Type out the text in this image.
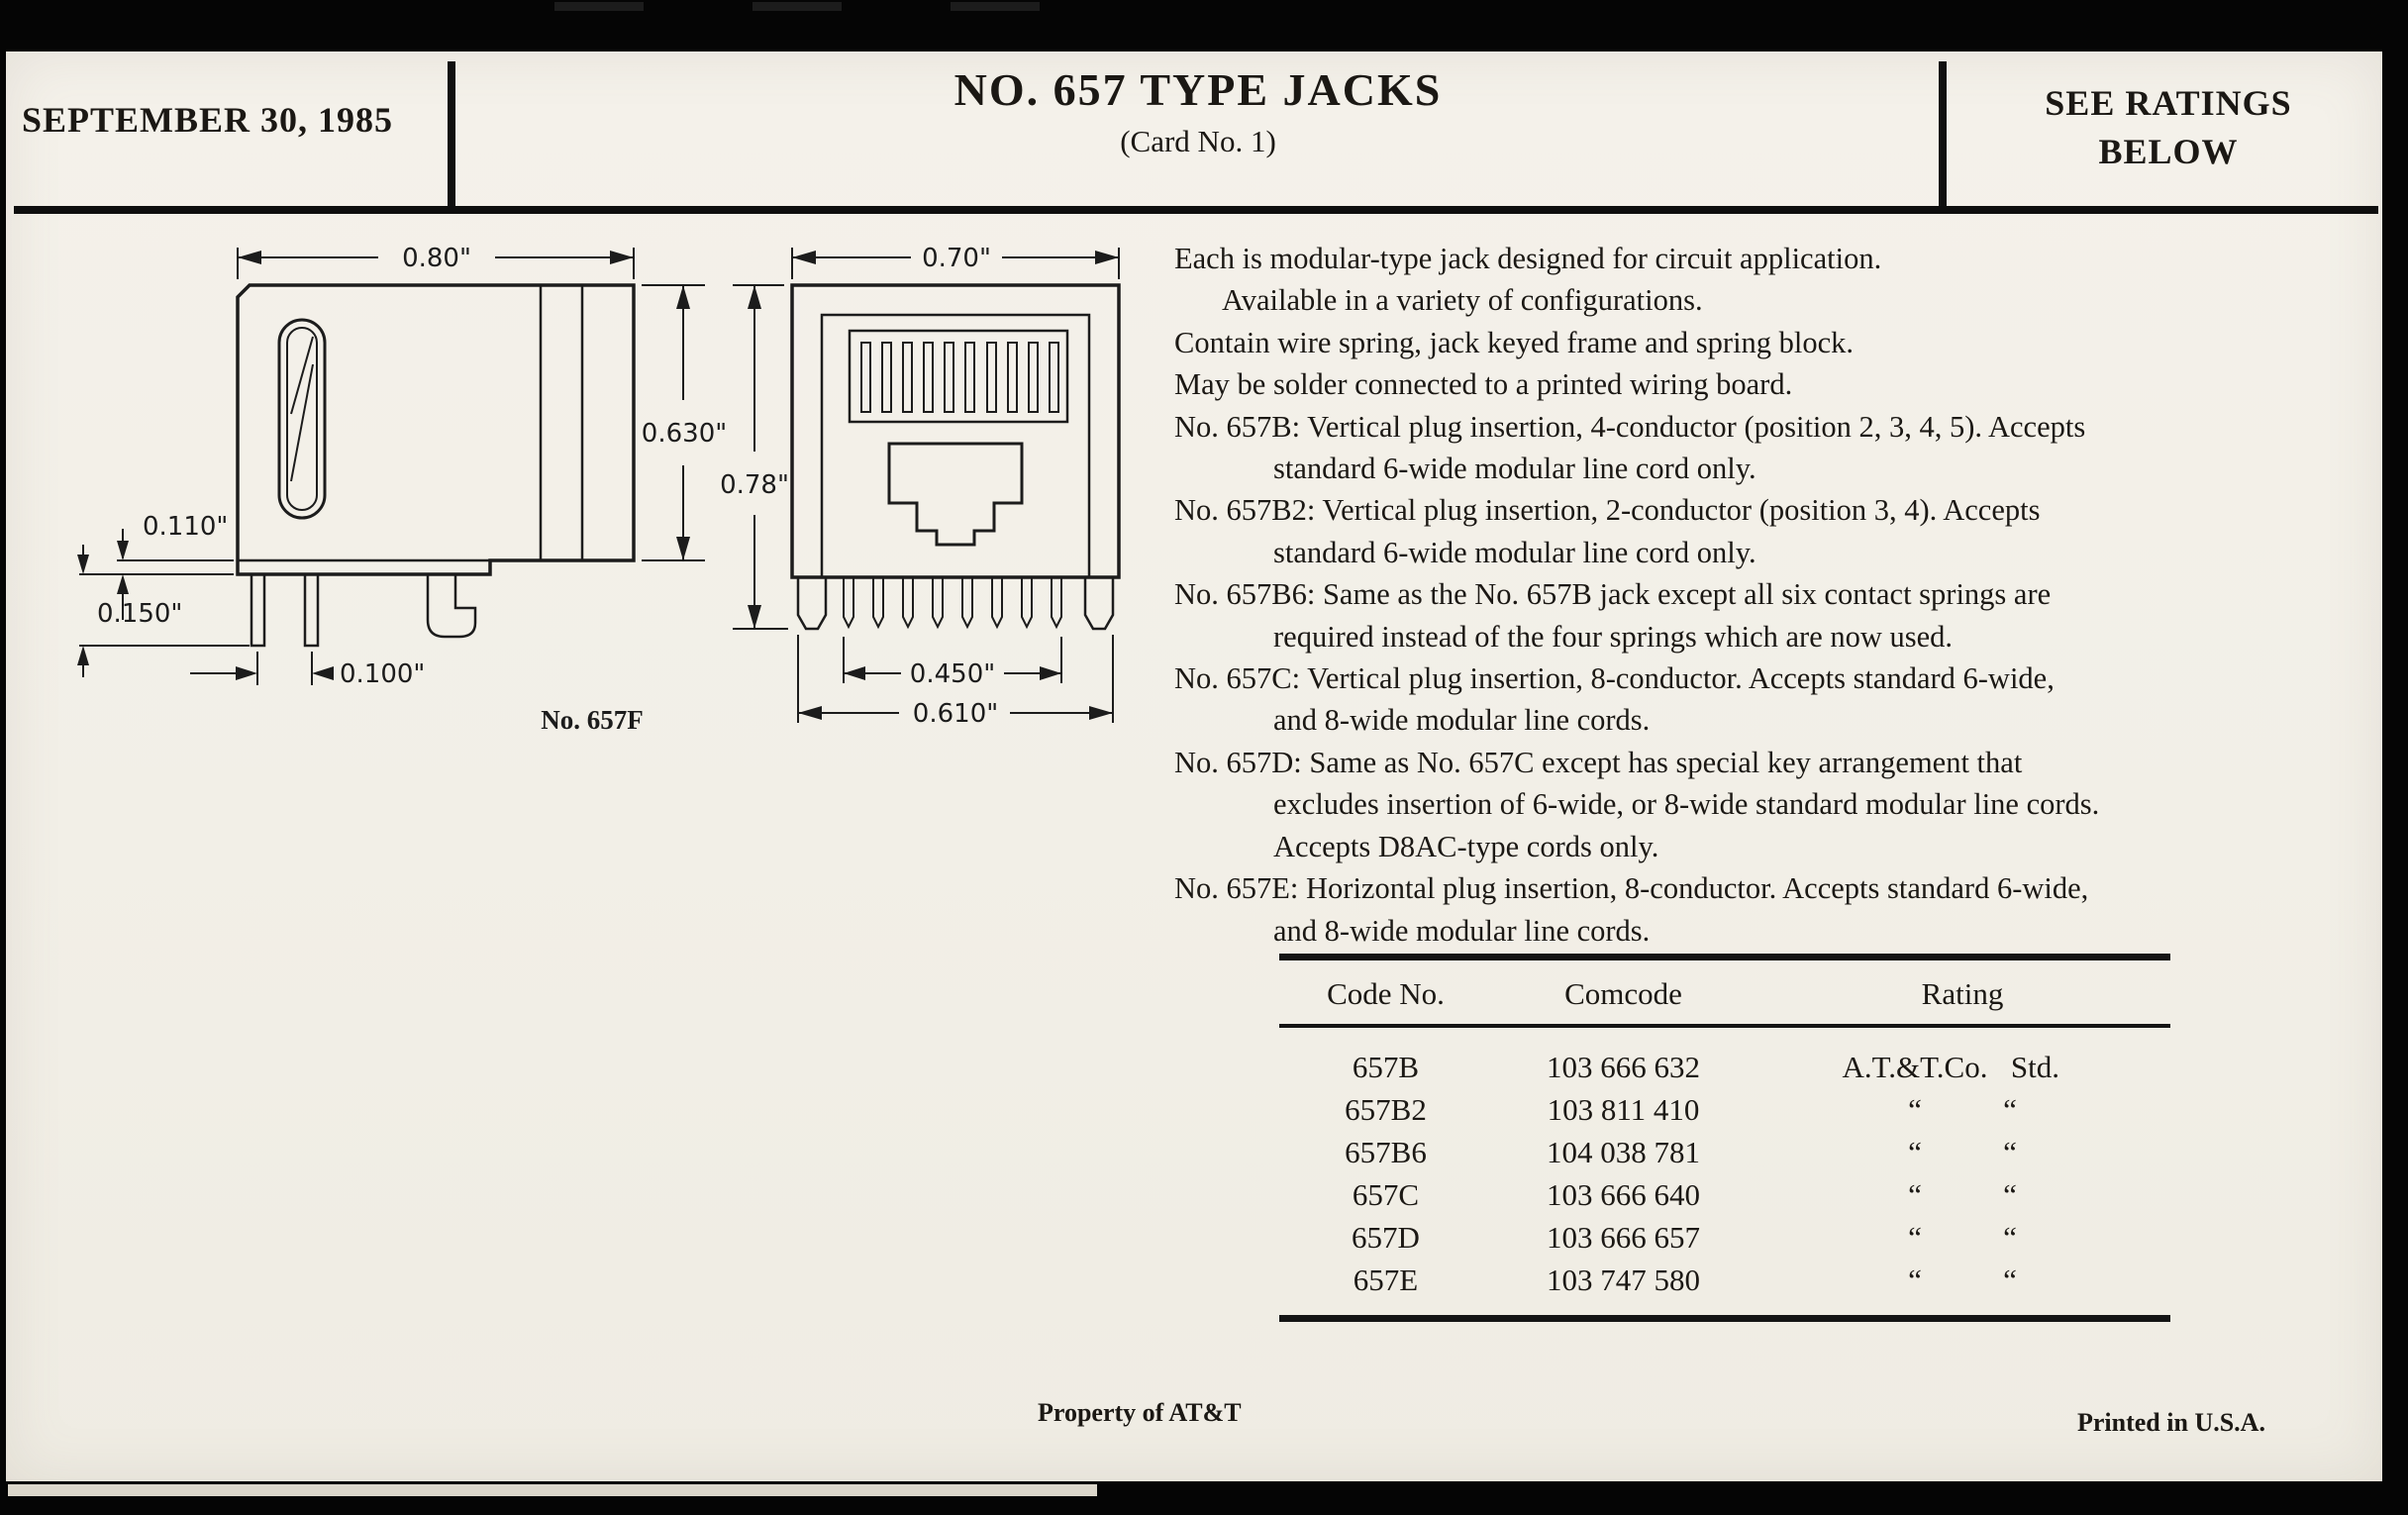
SEPTEMBER 30, 1985
NO. 657 TYPE JACKS
(Card No. 1)
SEE RATINGS
BELOW
0.80"
0.630"
0.110"
0.150"
0.100"
0.70"
0.78"
0.450"
0.610"
No. 657F
Each is modular-type jack designed for circuit application.
Available in a variety of configurations.
Contain wire spring, jack keyed frame and spring block.
May be solder connected to a printed wiring board.
No. 657B: Vertical plug insertion, 4-conductor (position 2, 3, 4, 5). Accepts
standard 6-wide modular line cord only.
No. 657B2: Vertical plug insertion, 2-conductor (position 3, 4). Accepts
standard 6-wide modular line cord only.
No. 657B6: Same as the No. 657B jack except all six contact springs are
required instead of the four springs which are now used.
No. 657C: Vertical plug insertion, 8-conductor. Accepts standard 6-wide,
and 8-wide modular line cords.
No. 657D: Same as No. 657C except has special key arrangement that
excludes insertion of 6-wide, or 8-wide standard modular line cords.
Accepts D8AC-type cords only.
No. 657E: Horizontal plug insertion, 8-conductor. Accepts standard 6-wide,
and 8-wide modular line cords.
Code No.	Comcode	Rating
657B	103 666 632	A.T.&T.Co. Std.
657B2	103 811 410	“ “
657B6	104 038 781	“ “
657C	103 666 640	“ “
657D	103 666 657	“ “
657E	103 747 580	“ “
Property of AT&T	Printed in U.S.A.
